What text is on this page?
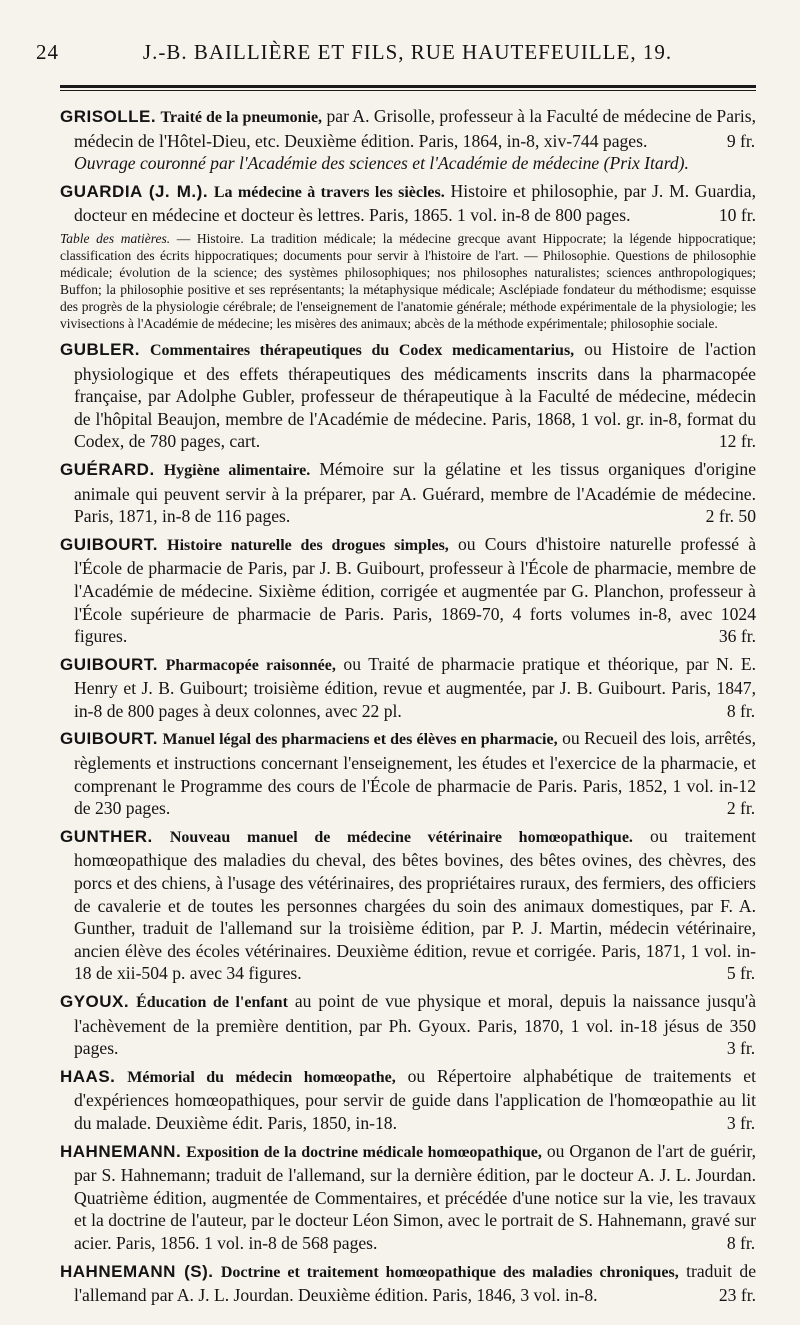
24	J.-B. BAILLIÈRE ET FILS, RUE HAUTEFEUILLE, 19.

GRISOLLE. Traité de la pneumonie, par A. Grisolle, professeur à la Faculté de médecine de Paris, médecin de l'Hôtel-Dieu, etc. Deuxième édition. Paris, 1864, in-8, xiv-744 pages.	9 fr.

Ouvrage couronné par l'Académie des sciences et l'Académie de médecine (Prix Itard).

GUARDIA (J. M.). La médecine à travers les siècles. Histoire et philosophie, par J. M. Guardia, docteur en médecine et docteur ès lettres. Paris, 1865. 1 vol. in-8 de 800 pages.	10 fr.

Table des matières. — Histoire. La tradition médicale; la médecine grecque avant Hippocrate; la légende hippocratique; classification des écrits hippocratiques; documents pour servir à l'histoire de l'art. — Philosophie. Questions de philosophie médicale; évolution de la science; des systèmes philosophiques; nos philosophes naturalistes; sciences anthropologiques; Buffon; la philosophie positive et ses représentants; la métaphysique médicale; Asclépiade fondateur du méthodisme; esquisse des progrès de la physiologie cérébrale; de l'enseignement de l'anatomie générale; méthode expérimentale de la physiologie; les vivisections à l'Académie de médecine; les misères des animaux; abcès de la méthode expérimentale; philosophie sociale.

GUBLER. Commentaires thérapeutiques du Codex medicamentarius, ou Histoire de l'action physiologique et des effets thérapeutiques des médicaments inscrits dans la pharmacopée française, par Adolphe Gubler, professeur de thérapeutique à la Faculté de médecine, médecin de l'hôpital Beaujon, membre de l'Académie de médecine. Paris, 1868, 1 vol. gr. in-8, format du Codex, de 780 pages, cart.	12 fr.

GUÉRARD. Hygiène alimentaire. Mémoire sur la gélatine et les tissus organiques d'origine animale qui peuvent servir à la préparer, par A. Guérard, membre de l'Académie de médecine. Paris, 1871, in-8 de 116 pages.	2 fr. 50

GUIBOURT. Histoire naturelle des drogues simples, ou Cours d'histoire naturelle professé à l'École de pharmacie de Paris, par J. B. Guibourt, professeur à l'École de pharmacie, membre de l'Académie de médecine. Sixième édition, corrigée et augmentée par G. Planchon, professeur à l'École supérieure de pharmacie de Paris. Paris, 1869-70, 4 forts volumes in-8, avec 1024 figures.	36 fr.

GUIBOURT. Pharmacopée raisonnée, ou Traité de pharmacie pratique et théorique, par N. E. Henry et J. B. Guibourt; troisième édition, revue et augmentée, par J. B. Guibourt. Paris, 1847, in-8 de 800 pages à deux colonnes, avec 22 pl.	8 fr.

GUIBOURT. Manuel légal des pharmaciens et des élèves en pharmacie, ou Recueil des lois, arrêtés, règlements et instructions concernant l'enseignement, les études et l'exercice de la pharmacie, et comprenant le Programme des cours de l'École de pharmacie de Paris. Paris, 1852, 1 vol. in-12 de 230 pages.	2 fr.

GUNTHER. Nouveau manuel de médecine vétérinaire homœopathique. ou traitement homœopathique des maladies du cheval, des bêtes bovines, des bêtes ovines, des chèvres, des porcs et des chiens, à l'usage des vétérinaires, des propriétaires ruraux, des fermiers, des officiers de cavalerie et de toutes les personnes chargées du soin des animaux domestiques, par F. A. Gunther, traduit de l'allemand sur la troisième édition, par P. J. Martin, médecin vétérinaire, ancien élève des écoles vétérinaires. Deuxième édition, revue et corrigée. Paris, 1871, 1 vol. in-18 de xii-504 p. avec 34 figures.	5 fr.

GYOUX. Éducation de l'enfant au point de vue physique et moral, depuis la naissance jusqu'à l'achèvement de la première dentition, par Ph. Gyoux. Paris, 1870, 1 vol. in-18 jésus de 350 pages.	3 fr.

HAAS. Mémorial du médecin homœopathe, ou Répertoire alphabétique de traitements et d'expériences homœopathiques, pour servir de guide dans l'application de l'homœopathie au lit du malade. Deuxième édit. Paris, 1850, in-18.	3 fr.

HAHNEMANN. Exposition de la doctrine médicale homœopathique, ou Organon de l'art de guérir, par S. Hahnemann; traduit de l'allemand, sur la dernière édition, par le docteur A. J. L. Jourdan. Quatrième édition, augmentée de Commentaires, et précédée d'une notice sur la vie, les travaux et la doctrine de l'auteur, par le docteur Léon Simon, avec le portrait de S. Hahnemann, gravé sur acier. Paris, 1856. 1 vol. in-8 de 568 pages.	8 fr.

HAHNEMANN (S). Doctrine et traitement homœopathique des maladies chroniques, traduit de l'allemand par A. J. L. Jourdan. Deuxième édition. Paris, 1846, 3 vol. in-8.	23 fr.
